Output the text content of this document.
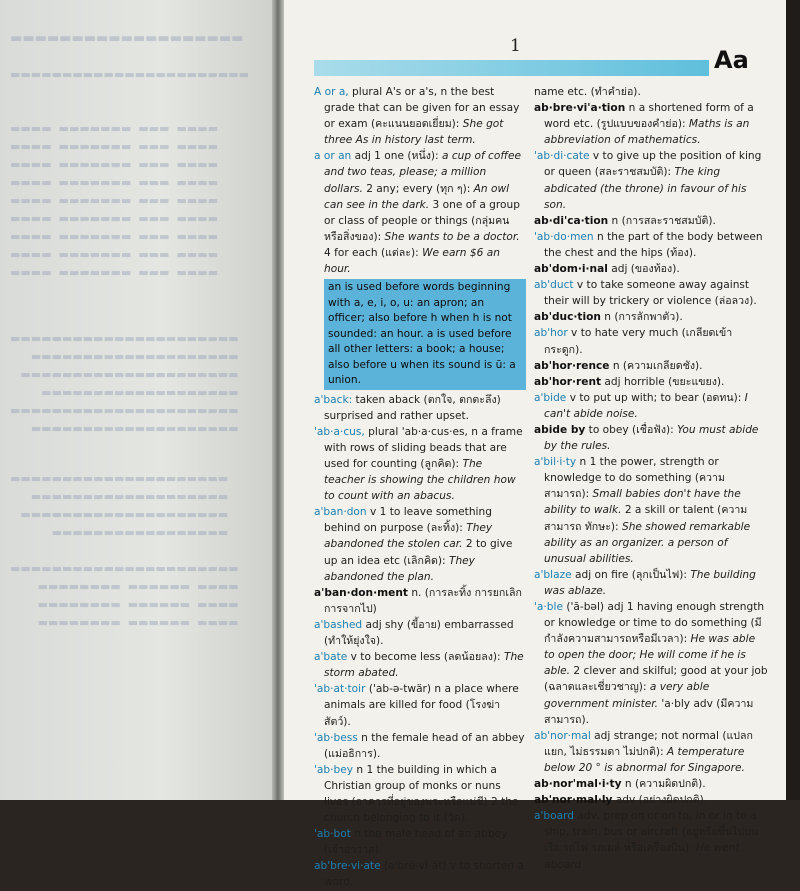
▬▬▬▬▬▬▬▬▬▬▬▬▬▬▬▬▬▬▬
▬▬▬▬▬▬▬▬▬▬▬▬▬▬▬▬▬▬▬▬▬▬▬
▬▬▬▬  ▬▬▬  ▬▬▬▬▬▬▬  ▬▬▬▬
▬▬▬▬  ▬▬▬  ▬▬▬▬▬▬▬  ▬▬▬▬
▬▬▬▬  ▬▬▬  ▬▬▬▬▬▬▬  ▬▬▬▬
▬▬▬▬  ▬▬▬  ▬▬▬▬▬▬▬  ▬▬▬▬
▬▬▬▬  ▬▬▬  ▬▬▬▬▬▬▬  ▬▬▬▬
▬▬▬▬  ▬▬▬  ▬▬▬▬▬▬▬  ▬▬▬▬
▬▬▬▬  ▬▬▬  ▬▬▬▬▬▬▬  ▬▬▬▬
▬▬▬▬  ▬▬▬  ▬▬▬▬▬▬▬  ▬▬▬▬
▬▬▬▬  ▬▬▬  ▬▬▬▬▬▬▬  ▬▬▬▬
▬▬▬▬▬▬▬▬▬▬▬▬▬▬▬▬▬▬▬▬▬▬
▬▬▬▬▬▬▬▬▬▬▬▬▬▬▬▬▬▬▬▬
▬▬▬▬▬▬▬▬▬▬▬▬▬▬▬▬▬▬▬▬▬
▬▬▬▬▬▬▬▬▬▬▬▬▬▬▬▬▬▬▬
▬▬▬▬▬▬▬▬▬▬▬▬▬▬▬▬▬▬▬▬▬▬
▬▬▬▬▬▬▬▬▬▬▬▬▬▬▬▬▬▬▬▬
▬▬▬▬▬▬▬▬▬▬▬▬▬▬▬▬▬▬▬▬▬
▬▬▬▬▬▬▬▬▬▬▬▬▬▬▬▬▬▬▬
▬▬▬▬▬▬▬▬▬▬▬▬▬▬▬▬▬▬▬▬
▬▬▬▬▬▬▬▬▬▬▬▬▬▬▬▬▬
▬▬▬▬▬▬▬▬▬▬▬▬▬▬▬▬▬▬▬▬▬▬
▬▬▬▬  ▬▬▬▬▬▬  ▬▬▬▬▬▬▬▬
▬▬▬▬  ▬▬▬▬▬▬  ▬▬▬▬▬▬▬▬
▬▬▬▬  ▬▬▬▬▬▬  ▬▬▬▬▬▬▬▬
1	Aa
A or a, plural A's or a's, n the best grade that can be given for an essay or exam (คะแนนยอดเยี่ยม): She got three As in history last term.
a or an adj 1 one (หนึ่ง): a cup of coffee and two teas, please; a million dollars. 2 any; every (ทุก ๆ): An owl can see in the dark. 3 one of a group or class of people or things (กลุ่มคนหรือสิ่งของ): She wants to be a doctor. 4 for each (แต่ละ): We earn $6 an hour.
an is used before words beginning with a, e, i, o, u: an apron; an officer; also before h when h is not sounded: an hour. a is used before all other letters: a book; a house; also before u when its sound is ū: a union.
a'back: taken aback (ตกใจ, ตกตะลึง) surprised and rather upset.
'ab·a·cus, plural 'ab·a·cus·es, n a frame with rows of sliding beads that are used for counting (ลูกคิด): The teacher is showing the children how to count with an abacus.
a'ban·don v 1 to leave something behind on purpose (ละทิ้ง): They abandoned the stolen car. 2 to give up an idea etc (เลิกคิด): They abandoned the plan.
a'ban·don·ment n. (การละทิ้ง การยกเลิกการจากไป)
a'bashed adj shy (ขี้อาย) embarrassed (ทำให้ยุ่งใจ).
a'bate v to become less (ลดน้อยลง): The storm abated.
'ab·at·toir ('ab-ə-twär) n a place where animals are killed for food (โรงฆ่าสัตว์).
'ab·bess n the female head of an abbey (แม่อธิการ).
'ab·bey n 1 the building in which a Christian group of monks or nuns lives (อาคารที่อยู่ของพระหรือแม่ชี) 2 the church belonging to it (วัด).
'ab·bot n the male head of an abbey (เจ้าอาวาส).
ab'bre·vi·ate (ə'brē-vi-āt) v to shorten a word,
name etc. (ทำคำย่อ).
ab·bre·vi'a·tion n a shortened form of a word etc. (รูปแบบของคำย่อ): Maths is an abbreviation of mathematics.
'ab·di·cate v to give up the position of king or queen (สละราชสมบัติ): The king abdicated (the throne) in favour of his son.
ab·di'ca·tion n (การสละราชสมบัติ).
'ab·do·men n the part of the body between the chest and the hips (ท้อง).
ab'dom·i·nal adj (ของท้อง).
ab'duct v to take someone away against their will by trickery or violence (ล่อลวง).
ab'duc·tion n (การลักพาตัว).
ab'hor v to hate very much (เกลียดเข้ากระดูก).
ab'hor·rence n (ความเกลียดชัง).
ab'hor·rent adj horrible (ขยะแขยง).
a'bide v to put up with; to bear (อดทน): I can't abide noise.
abide by to obey (เชื่อฟัง): You must abide by the rules.
a'bil·i·ty n 1 the power, strength or knowledge to do something (ความสามารถ): Small babies don't have the ability to walk. 2 a skill or talent (ความสามารถ ทักษะ): She showed remarkable ability as an organizer. a person of unusual abilities.
a'blaze adj on fire (ลุกเป็นไฟ): The building was ablaze.
'a·ble ('ā-bəl) adj 1 having enough strength or knowledge or time to do something (มีกำลังความสามารถหรือมีเวลา): He was able to open the door; He will come if he is able. 2 clever and skilful; good at your job (ฉลาดและเชี่ยวชาญ): a very able government minister. 'a·bly adv (มีความสามารถ).
ab'nor·mal adj strange; not normal (แปลกแยก, ไม่ธรรมดา ไม่ปกติ): A temperature below 20 ° is abnormal for Singapore.
ab·nor'mal·i·ty n (ความผิดปกติ).
ab'nor·mal·ly adv (อย่างผิดปกติ).
a'board adv, prep on or on to, in or in to a ship, train, bus or aircraft (อยู่หรือขึ้นไปบนเรือ รถไฟ รถเมล์ หรือเครื่องบิน): He went aboard
